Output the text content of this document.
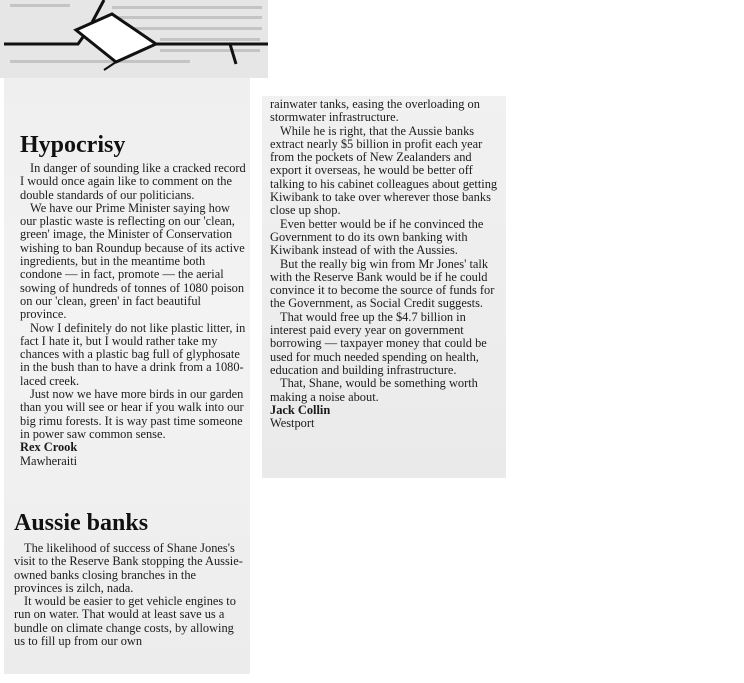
Hypocrisy

In danger of sounding like a cracked record I would once again like to comment on the double standards of our politicians.

We have our Prime Minister saying how our plastic waste is reflecting on our 'clean, green' image, the Minister of Conservation wishing to ban Roundup because of its active ingredients, but in the meantime both condone — in fact, promote — the aerial sowing of hundreds of tonnes of 1080 poison on our 'clean, green' in fact beautiful province.

Now I definitely do not like plastic litter, in fact I hate it, but I would rather take my chances with a plastic bag full of glyphosate in the bush than to have a drink from a 1080-laced creek.

Just now we have more birds in our garden than you will see or hear if you walk into our big rimu forests. It is way past time someone in power saw common sense.

Rex Crook

Mawheraiti

Aussie banks

The likelihood of success of Shane Jones's visit to the Reserve Bank stopping the Aussie-owned banks closing branches in the provinces is zilch, nada.

It would be easier to get vehicle engines to run on water. That would at least save us a bundle on climate change costs, by allowing us to fill up from our own

rainwater tanks, easing the overloading on stormwater infrastructure.

While he is right, that the Aussie banks extract nearly $5 billion in profit each year from the pockets of New Zealanders and export it overseas, he would be better off talking to his cabinet colleagues about getting Kiwibank to take over wherever those banks close up shop.

Even better would be if he convinced the Government to do its own banking with Kiwibank instead of with the Aussies.

But the really big win from Mr Jones' talk with the Reserve Bank would be if he could convince it to become the source of funds for the Government, as Social Credit suggests.

That would free up the $4.7 billion in interest paid every year on government borrowing — taxpayer money that could be used for much needed spending on health, education and building infrastructure.

That, Shane, would be something worth making a noise about.

Jack Collin

Westport
